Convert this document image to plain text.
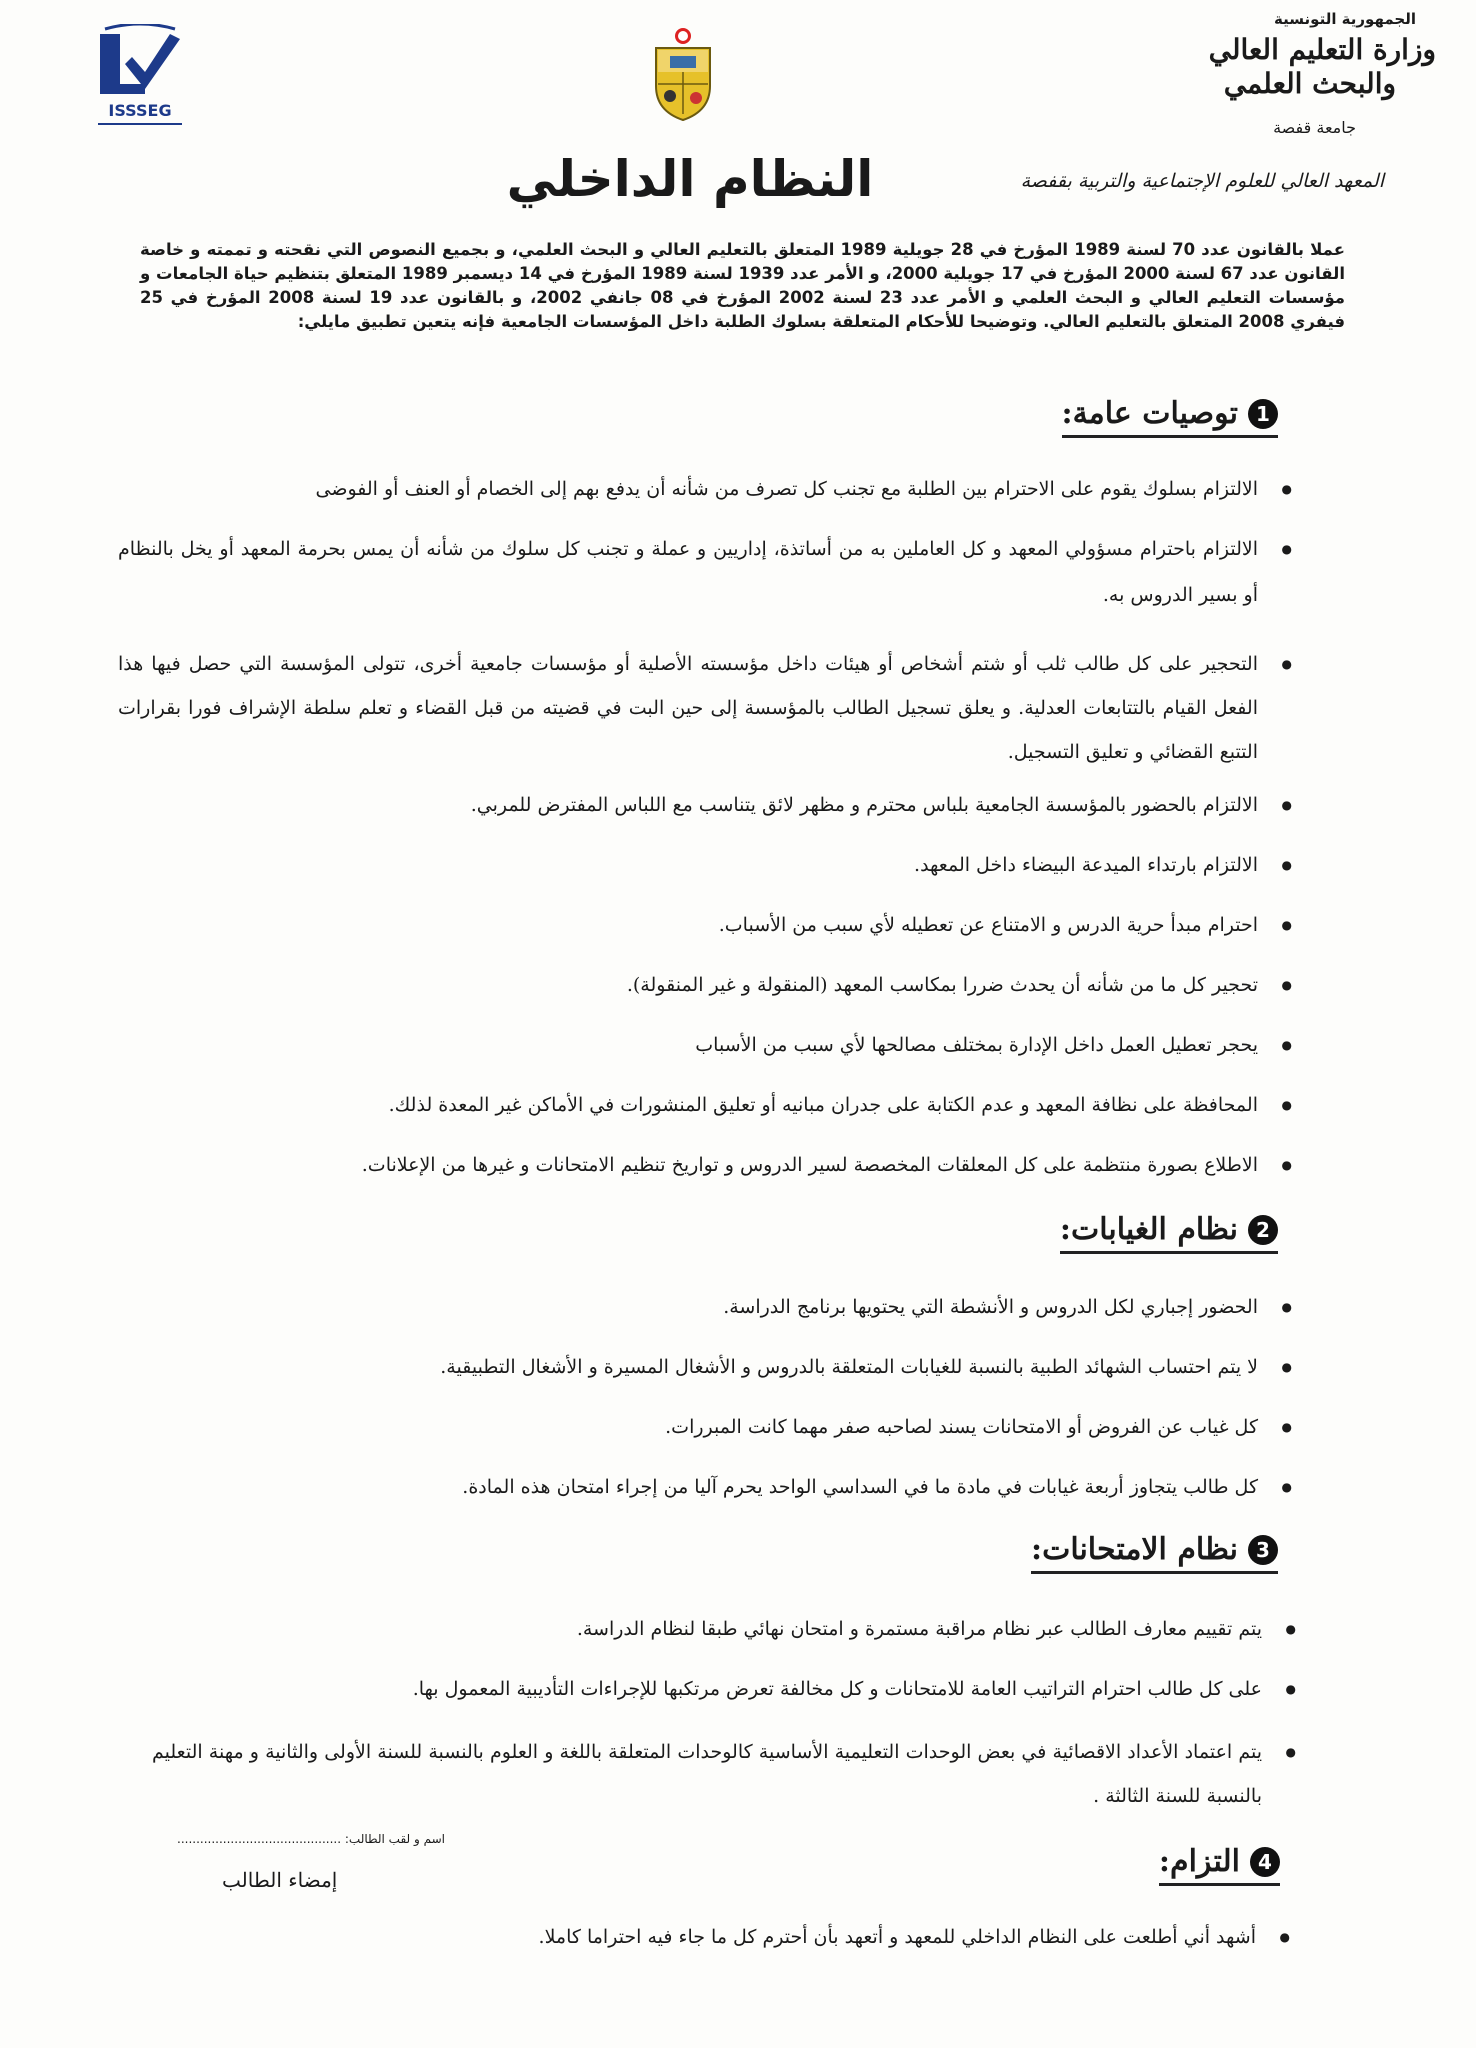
ISSSEG
الجمهورية التونسية
وزارة التعليم العالي
والبحث العلمي
جامعة قفصة
المعهد العالي للعلوم الإجتماعية والتربية بقفصة
النظام الداخلي
عملا بالقانون عدد 70 لسنة 1989 المؤرخ في 28 جويلية 1989 المتعلق بالتعليم العالي و البحث العلمي، و بجميع النصوص التي نقحته و تممته و خاصة القانون عدد 67 لسنة 2000 المؤرخ في 17 جويلية 2000، و الأمر عدد 1939 لسنة 1989 المؤرخ في 14 ديسمبر 1989 المتعلق بتنظيم حياة الجامعات و مؤسسات التعليم العالي و البحث العلمي و الأمر عدد 23 لسنة 2002 المؤرخ في 08 جانفي 2002، و بالقانون عدد 19 لسنة 2008 المؤرخ في 25 فيفري 2008 المتعلق بالتعليم العالي. وتوضيحا للأحكام المتعلقة بسلوك الطلبة داخل المؤسسات الجامعية فإنه يتعين تطبيق مايلي:
1
توصيات عامة:
● الالتزام بسلوك يقوم على الاحترام بين الطلبة مع تجنب كل تصرف من شأنه أن يدفع بهم إلى الخصام أو العنف أو الفوضى
● الالتزام باحترام مسؤولي المعهد و كل العاملين به من أساتذة، إداريين و عملة و تجنب كل سلوك من شأنه أن يمس بحرمة المعهد أو يخل بالنظام أو بسير الدروس به.
● التحجير على كل طالب ثلب أو شتم أشخاص أو هيئات داخل مؤسسته الأصلية أو مؤسسات جامعية أخرى، تتولى المؤسسة التي حصل فيها هذا الفعل القيام بالتتابعات العدلية. و يعلق تسجيل الطالب بالمؤسسة إلى حين البت في قضيته من قبل القضاء و تعلم سلطة الإشراف فورا بقرارات التتبع القضائي و تعليق التسجيل.
● الالتزام بالحضور بالمؤسسة الجامعية بلباس محترم و مظهر لائق يتناسب مع اللباس المفترض للمربي.
● الالتزام بارتداء الميدعة البيضاء داخل المعهد.
● احترام مبدأ حرية الدرس و الامتناع عن تعطيله لأي سبب من الأسباب.
● تحجير كل ما من شأنه أن يحدث ضررا بمكاسب المعهد (المنقولة و غير المنقولة).
● يحجر تعطيل العمل داخل الإدارة بمختلف مصالحها لأي سبب من الأسباب
● المحافظة على نظافة المعهد و عدم الكتابة على جدران مبانيه أو تعليق المنشورات في الأماكن غير المعدة لذلك.
● الاطلاع بصورة منتظمة على كل المعلقات المخصصة لسير الدروس و تواريخ تنظيم الامتحانات و غيرها من الإعلانات.
2
نظام الغيابات:
● الحضور إجباري لكل الدروس و الأنشطة التي يحتويها برنامج الدراسة.
● لا يتم احتساب الشهائد الطبية بالنسبة للغيابات المتعلقة بالدروس و الأشغال المسيرة و الأشغال التطبيقية.
● كل غياب عن الفروض أو الامتحانات يسند لصاحبه صفر مهما كانت المبررات.
● كل طالب يتجاوز أربعة غيابات في مادة ما في السداسي الواحد يحرم آليا من إجراء امتحان هذه المادة.
3
نظام الامتحانات:
● يتم تقييم معارف الطالب عبر نظام مراقبة مستمرة و امتحان نهائي طبقا لنظام الدراسة.
● على كل طالب احترام التراتيب العامة للامتحانات و كل مخالفة تعرض مرتكبها للإجراءات التأديبية المعمول بها.
● يتم اعتماد الأعداد الاقصائية في بعض الوحدات التعليمية الأساسية كالوحدات المتعلقة باللغة و العلوم بالنسبة للسنة الأولى والثانية و مهنة التعليم بالنسبة للسنة الثالثة .
اسم و لقب الطالب: ...........................................
إمضاء الطالب
4
التزام:
● أشهد أني أطلعت على النظام الداخلي للمعهد و أتعهد بأن أحترم كل ما جاء فيه احتراما كاملا.
